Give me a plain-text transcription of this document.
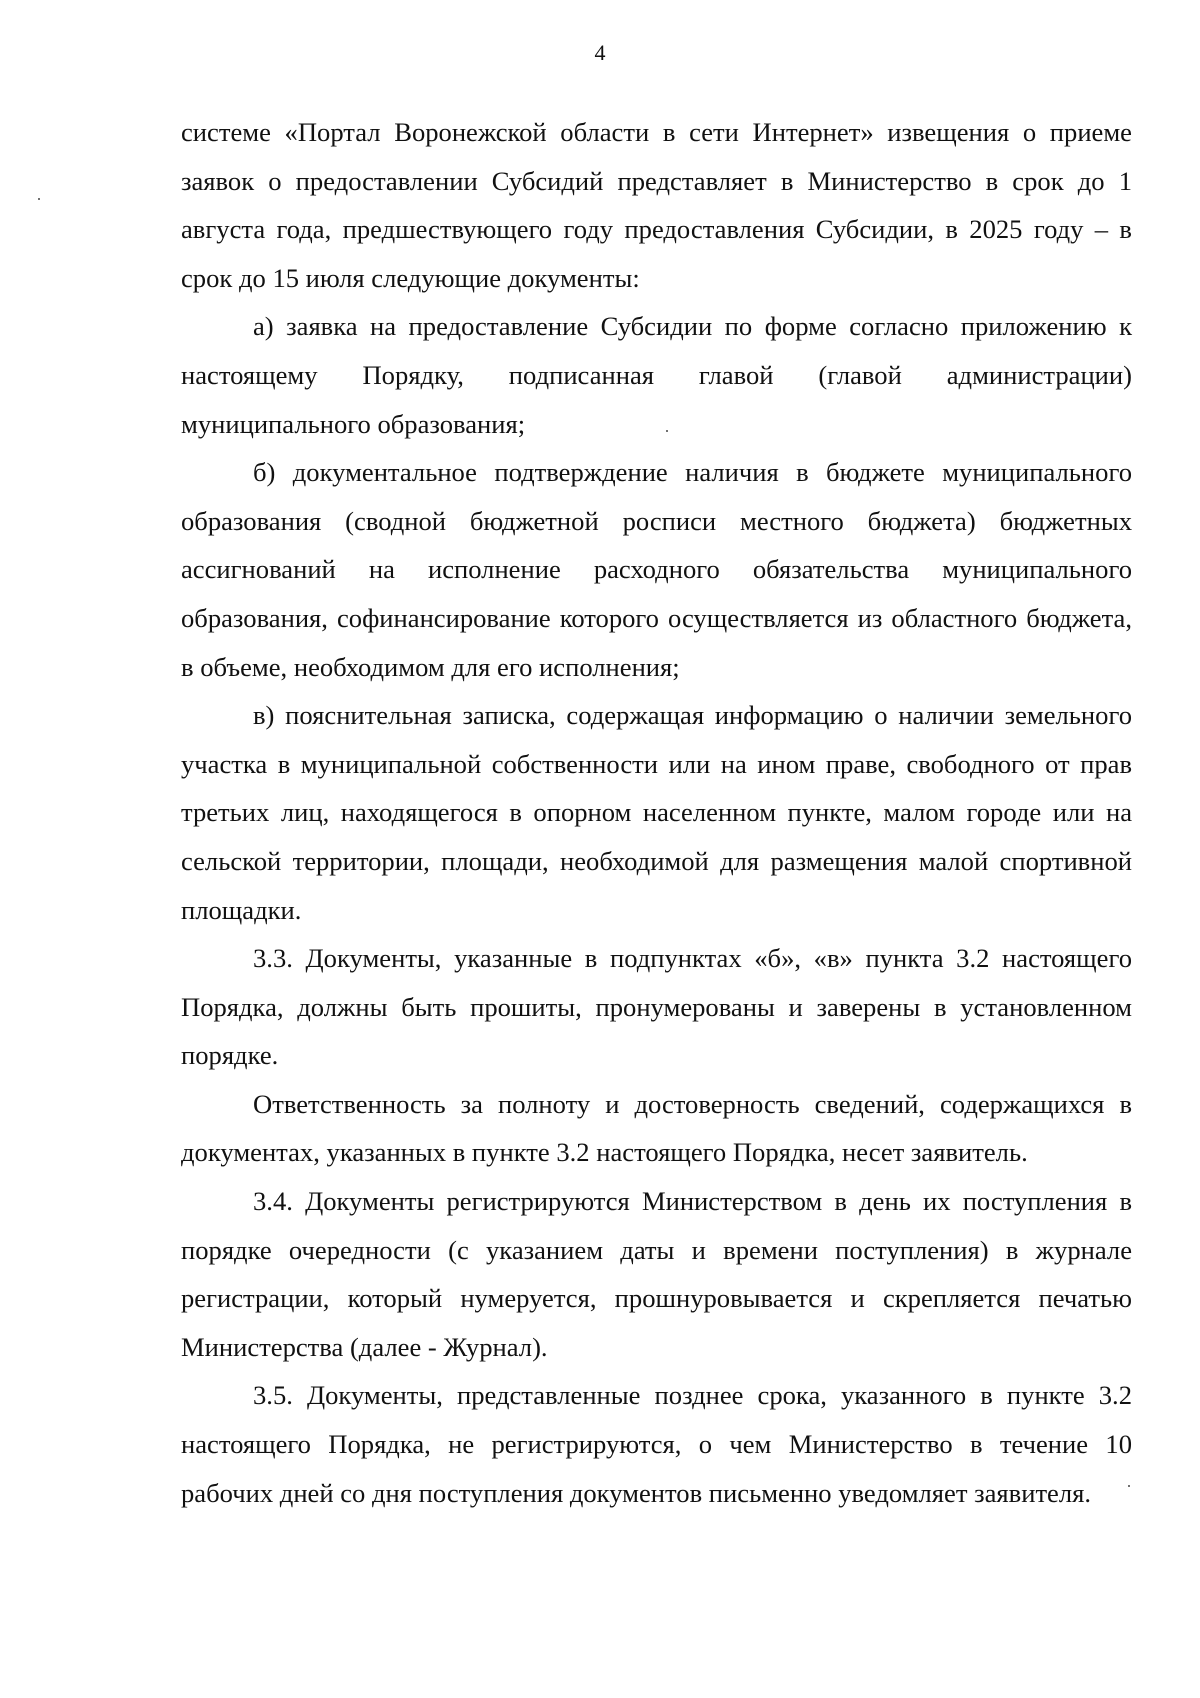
4

системе «Портал Воронежской области в сети Интернет» извещения о приеме заявок о предоставлении Субсидий представляет в Министерство в срок до 1 августа года, предшествующего году предоставления Субсидии, в 2025 году – в срок до 15 июля следующие документы:

а) заявка на предоставление Субсидии по форме согласно приложению к настоящему Порядку, подписанная главой (главой администрации) муниципального образования;

б) документальное подтверждение наличия в бюджете муниципального образования (сводной бюджетной росписи местного бюджета) бюджетных ассигнований на исполнение расходного обязательства муниципального образования, софинансирование которого осуществляется из областного бюджета, в объеме, необходимом для его исполнения;

в) пояснительная записка, содержащая информацию о наличии земельного участка в муниципальной собственности или на ином праве, свободного от прав третьих лиц, находящегося в опорном населенном пункте, малом городе или на сельской территории, площади, необходимой для размещения малой спортивной площадки.

3.3. Документы, указанные в подпунктах «б», «в» пункта 3.2 настоящего Порядка, должны быть прошиты, пронумерованы и заверены в установленном порядке.

Ответственность за полноту и достоверность сведений, содержащихся в документах, указанных в пункте 3.2 настоящего Порядка, несет заявитель.

3.4. Документы регистрируются Министерством в день их поступления в порядке очередности (с указанием даты и времени поступления) в журнале регистрации, который нумеруется, прошнуровывается и скрепляется печатью Министерства (далее - Журнал).

3.5. Документы, представленные позднее срока, указанного в пункте 3.2 настоящего Порядка, не регистрируются, о чем Министерство в течение 10 рабочих дней со дня поступления документов письменно уведомляет заявителя.
